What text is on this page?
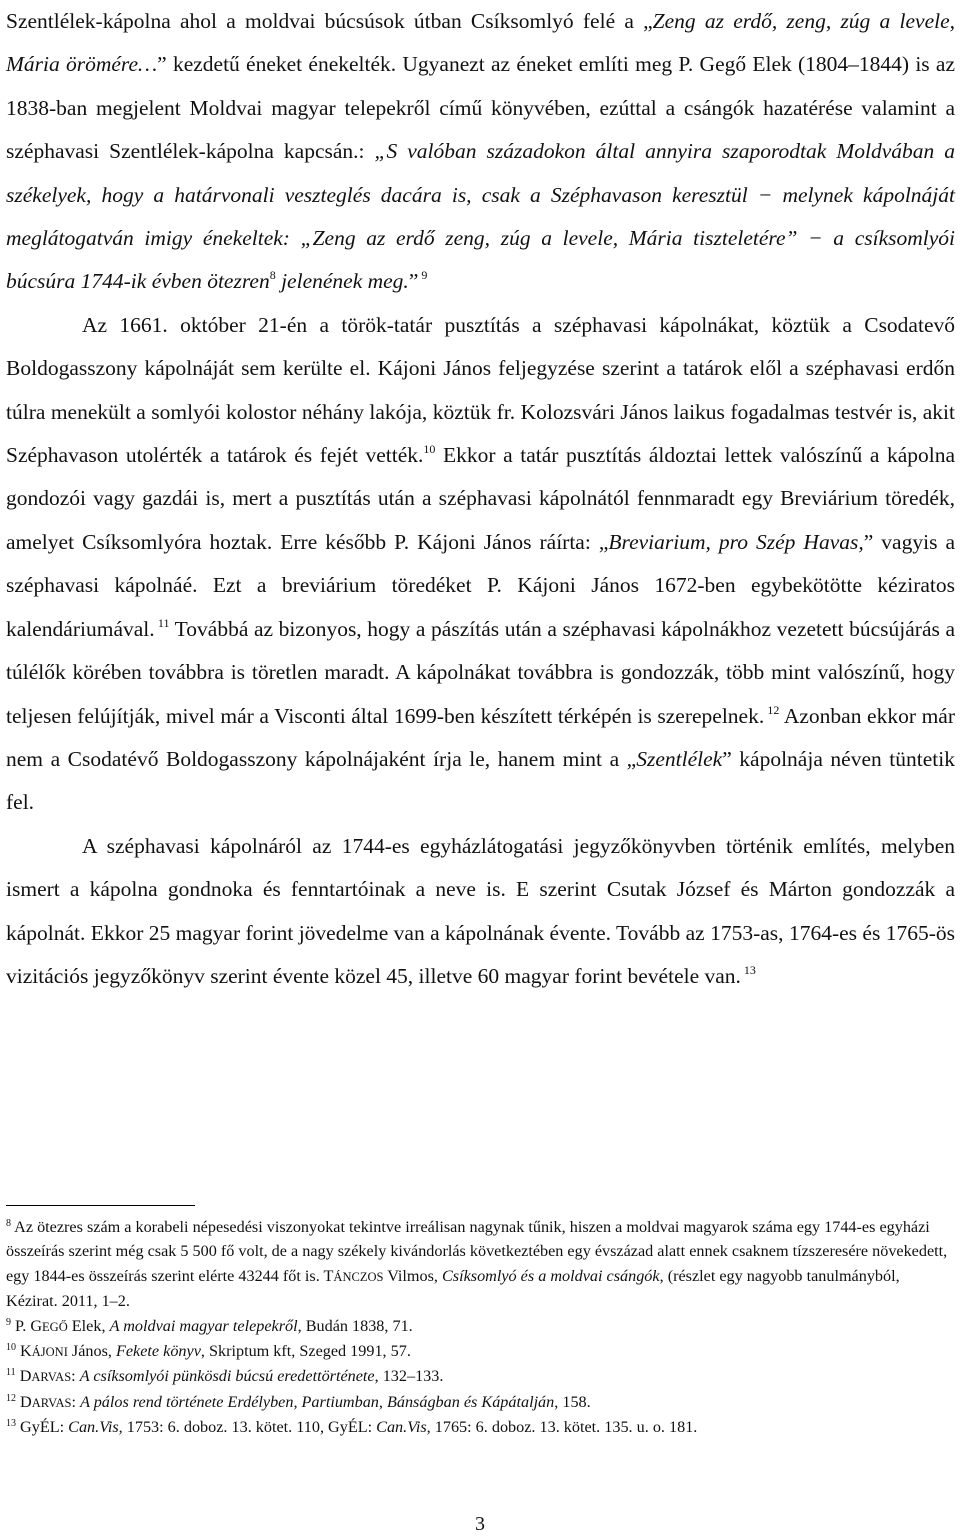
Szentlélek-kápolna ahol a moldvai búcsúsok útban Csíksomlyó felé a „Zeng az erdő, zeng, zúg a levele, Mária örömére…” kezdetű éneket énekelték. Ugyanezt az éneket említi meg P. Gegő Elek (1804–1844) is az 1838-ban megjelent Moldvai magyar telepekről című könyvében, ezúttal a csángók hazatérése valamint a széphavasi Szentlélek-kápolna kapcsán.: „S valóban századokon által annyira szaporodtak Moldvában a székelyek, hogy a határvonali veszteglés dacára is, csak a Széphavason keresztül − melynek kápolnáját meglátogatván imigy énekeltek: „Zeng az erdő zeng, zúg a levele, Mária tiszteletére” − a csíksomlyói búcsúra 1744-ik évben ötezren$^8$ jelenének meg.” $^9$

Az 1661. október 21-én a török-tatár pusztítás a széphavasi kápolnákat, köztük a Csodatevő Boldogasszony kápolnáját sem kerülte el. Kájoni János feljegyzése szerint a tatárok elől a széphavasi erdőn túlra menekült a somlyói kolostor néhány lakója, köztük fr. Kolozsvári János laikus fogadalmas testvér is, akit Széphavason utolérték a tatárok és fejét vették.$^{10}$ Ekkor a tatár pusztítás áldoztai lettek valószínű a kápolna gondozói vagy gazdái is, mert a pusztítás után a széphavasi kápolnától fennmaradt egy Breviárium töredék, amelyet Csíksomlyóra hoztak. Erre később P. Kájoni János ráírta: „Breviarium, pro Szép Havas,” vagyis a széphavasi kápolnáé. Ezt a breviárium töredéket P. Kájoni János 1672-ben egybekötötte kéziratos kalendáriumával. $^{11}$ Továbbá az bizonyos, hogy a pászítás után a széphavasi kápolnákhoz vezetett búcsújárás a túlélők körében továbbra is töretlen maradt. A kápolnákat továbbra is gondozzák, több mint valószínű, hogy teljesen felújítják, mivel már a Visconti által 1699-ben készített térképén is szerepelnek. $^{12}$ Azonban ekkor már nem a Csodatévő Boldogasszony kápolnájaként írja le, hanem mint a „Szentlélek” kápolnája néven tüntetik fel.

A széphavasi kápolnáról az 1744-es egyházlátogatási jegyzőkönyvben történik említés, melyben ismert a kápolna gondnoka és fenntartóinak a neve is. E szerint Csutak József és Márton gondozzák a kápolnát. Ekkor 25 magyar forint jövedelme van a kápolnának évente. Tovább az 1753-as, 1764-es és 1765-ös vizitációs jegyzőkönyv szerint évente közel 45, illetve 60 magyar forint bevétele van. $^{13}$

$^8$ Az ötezres szám a korabeli népesedési viszonyokat tekintve irreálisan nagynak tűnik, hiszen a moldvai magyarok száma egy 1744-es egyházi összeírás szerint még csak 5 500 fő volt, de a nagy székely kivándorlás következtében egy évszázad alatt ennek csaknem tízszeresére növekedett, egy 1844-es összeírás szerint elérte 43244 főt is. TÁNCZOS Vilmos, Csíksomlyó és a moldvai csángók, (részlet egy nagyobb tanulmányból, Kézirat. 2011, 1–2.

$^9$ P. GEGŐ Elek, A moldvai magyar telepekről, Budán 1838, 71.

$^{10}$ KÁJONI János, Fekete könyv, Skriptum kft, Szeged 1991, 57.

$^{11}$ DARVAS: A csíksomlyói pünkösdi búcsú eredettörténete, 132–133.

$^{12}$ DARVAS: A pálos rend története Erdélyben, Partiumban, Bánságban és Kápátalján, 158.

$^{13}$ GyÉL: Can.Vis, 1753: 6. doboz. 13. kötet. 110, GyÉL: Can.Vis, 1765: 6. doboz. 13. kötet. 135. u. o. 181.

3
